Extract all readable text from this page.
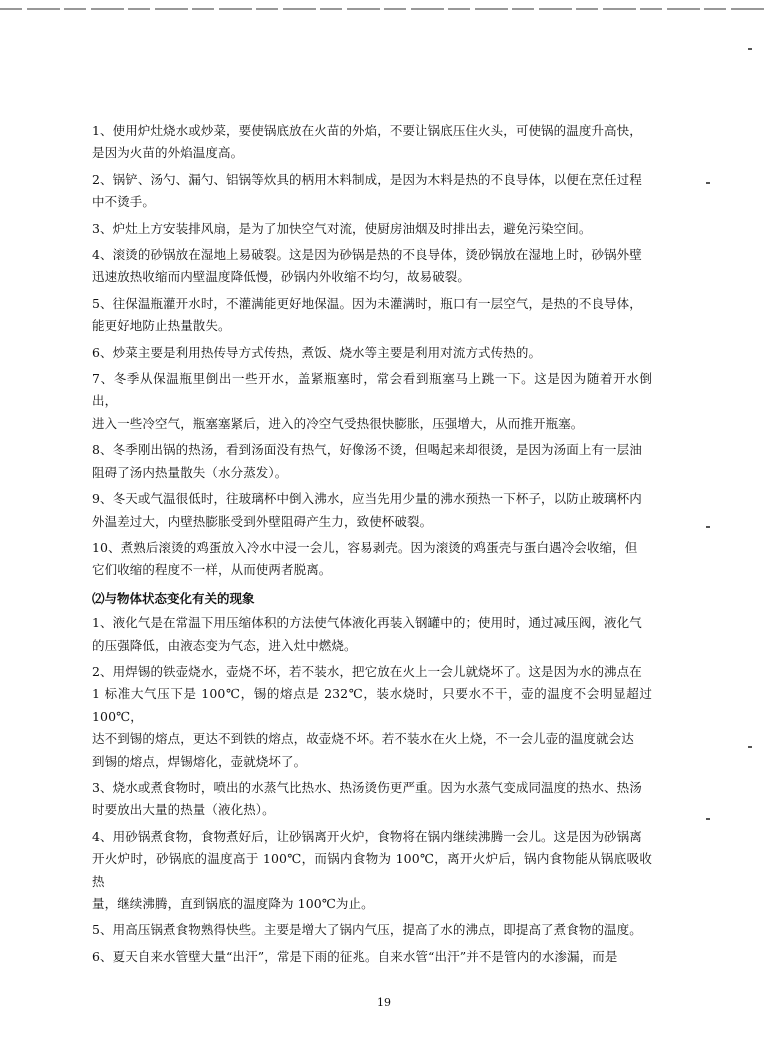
1、使用炉灶烧水或炒菜，要使锅底放在火苗的外焰，不要让锅底压住火头，可使锅的温度升高快，
是因为火苗的外焰温度高。

2、锅铲、汤勺、漏勺、铝锅等炊具的柄用木料制成，是因为木料是热的不良导体，以便在烹任过程
中不烫手。

3、炉灶上方安装排风扇，是为了加快空气对流，使厨房油烟及时排出去，避免污染空间。

4、滚烫的砂锅放在湿地上易破裂。这是因为砂锅是热的不良导体，烫砂锅放在湿地上时，砂锅外壁
迅速放热收缩而内壁温度降低慢，砂锅内外收缩不均匀，故易破裂。

5、往保温瓶灌开水时，不灌满能更好地保温。因为未灌满时，瓶口有一层空气，是热的不良导体，
能更好地防止热量散失。

6、炒菜主要是利用热传导方式传热，煮饭、烧水等主要是利用对流方式传热的。

7、冬季从保温瓶里倒出一些开水，盖紧瓶塞时，常会看到瓶塞马上跳一下。这是因为随着开水倒出，
进入一些冷空气，瓶塞塞紧后，进入的冷空气受热很快膨胀，压强增大，从而推开瓶塞。

8、冬季刚出锅的热汤，看到汤面没有热气，好像汤不烫，但喝起来却很烫，是因为汤面上有一层油
阻碍了汤内热量散失（水分蒸发）。

9、冬天或气温很低时，往玻璃杯中倒入沸水，应当先用少量的沸水预热一下杯子，以防止玻璃杯内
外温差过大，内壁热膨胀受到外壁阻碍产生力，致使杯破裂。

10、煮熟后滚烫的鸡蛋放入冷水中浸一会儿，容易剥壳。因为滚烫的鸡蛋壳与蛋白遇冷会收缩，但
它们收缩的程度不一样，从而使两者脱离。

⑵与物体状态变化有关的现象

1、液化气是在常温下用压缩体积的方法使气体液化再装入钢罐中的；使用时，通过减压阀，液化气
的压强降低，由液态变为气态，进入灶中燃烧。

2、用焊锡的铁壶烧水，壶烧不坏，若不装水，把它放在火上一会儿就烧坏了。这是因为水的沸点在
1 标准大气压下是 100℃，锡的熔点是 232℃，装水烧时，只要水不干，壶的温度不会明显超过 100℃，
达不到锡的熔点，更达不到铁的熔点，故壶烧不坏。若不装水在火上烧，不一会儿壶的温度就会达
到锡的熔点，焊锡熔化，壶就烧坏了。

3、烧水或煮食物时，喷出的水蒸气比热水、热汤烫伤更严重。因为水蒸气变成同温度的热水、热汤
时要放出大量的热量（液化热）。

4、用砂锅煮食物，食物煮好后，让砂锅离开火炉，食物将在锅内继续沸腾一会儿。这是因为砂锅离
开火炉时，砂锅底的温度高于 100℃，而锅内食物为 100℃，离开火炉后，锅内食物能从锅底吸收热
量，继续沸腾，直到锅底的温度降为 100℃为止。

5、用高压锅煮食物熟得快些。主要是增大了锅内气压，提高了水的沸点，即提高了煮食物的温度。

6、夏天自来水管壁大量“出汗”，常是下雨的征兆。自来水管“出汗”并不是管内的水渗漏，而是

19
